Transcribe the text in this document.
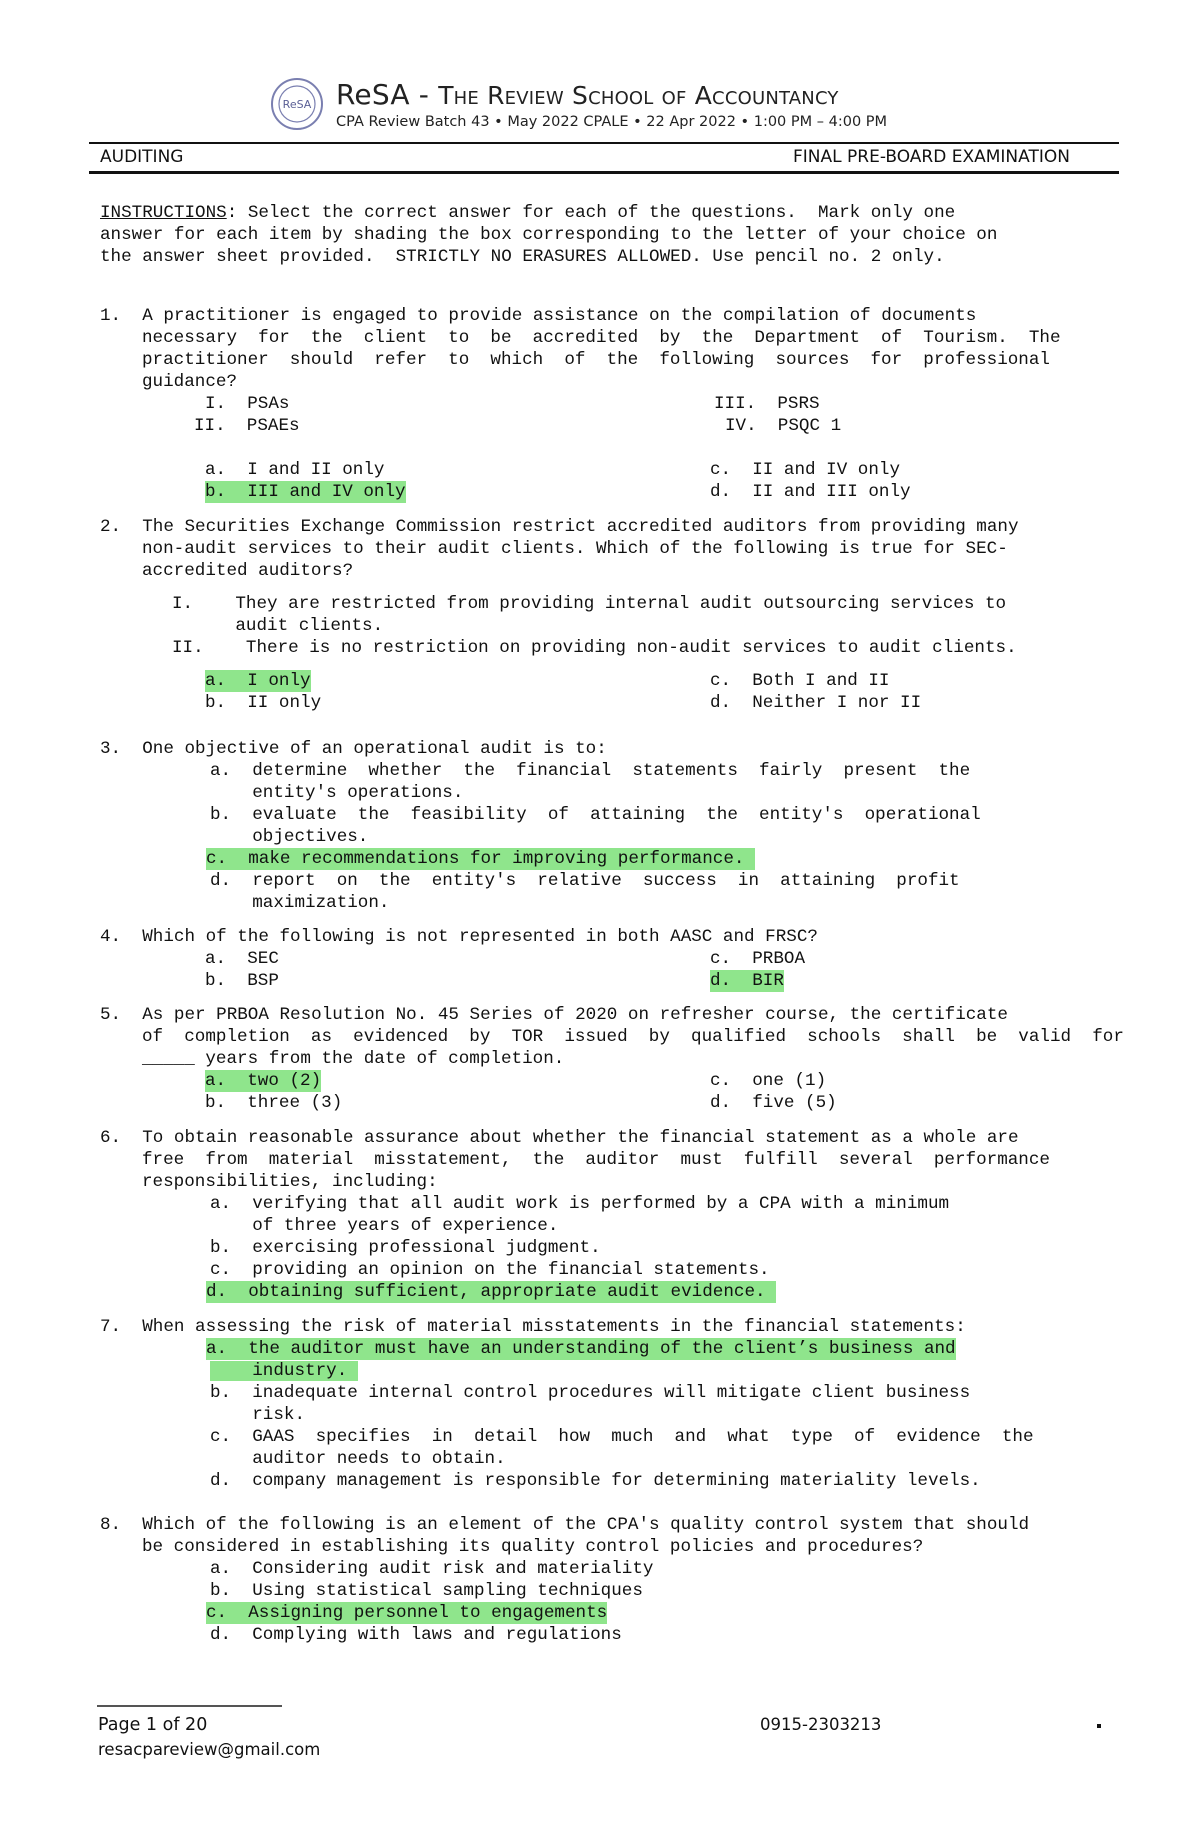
ReSA ReSA - The Review School of Accountancy
CPA Review Batch 43 • May 2022 CPALE • 22 Apr 2022 • 1:00 PM – 4:00 PM
AUDITING	FINAL PRE-BOARD EXAMINATION
INSTRUCTIONS: Select the correct answer for each of the questions.  Mark only one
answer for each item by shading the box corresponding to the letter of your choice on
the answer sheet provided.  STRICTLY NO ERASURES ALLOWED. Use pencil no. 2 only.
1.  A practitioner is engaged to provide assistance on the compilation of documents
necessary  for  the  client  to  be  accredited  by  the  Department  of  Tourism.  The
practitioner  should  refer  to  which  of  the  following  sources  for  professional
guidance?
I.  PSAs
II.  PSAEs
III.  PSRS
IV.  PSQC 1
a.  I and II only
b.  III and IV only
c.  II and IV only
d.  II and III only
2.  The Securities Exchange Commission restrict accredited auditors from providing many
non-audit services to their audit clients. Which of the following is true for SEC-
accredited auditors?
I.    They are restricted from providing internal audit outsourcing services to
audit clients.
II.    There is no restriction on providing non-audit services to audit clients.
a.  I only
b.  II only
c.  Both I and II
d.  Neither I nor II
3.  One objective of an operational audit is to:
a.  determine  whether  the  financial  statements  fairly  present  the
entity's operations.
b.  evaluate  the  feasibility  of  attaining  the  entity's  operational
objectives.
c.  make recommendations for improving performance.
d.  report  on  the  entity's  relative  success  in  attaining  profit
maximization.
4.  Which of the following is not represented in both AASC and FRSC?
a.  SEC
b.  BSP
c.  PRBOA
d.  BIR
5.  As per PRBOA Resolution No. 45 Series of 2020 on refresher course, the certificate
of  completion  as  evidenced  by  TOR  issued  by  qualified  schools  shall  be  valid  for
_____ years from the date of completion.
a.  two (2)
b.  three (3)
c.  one (1)
d.  five (5)
6.  To obtain reasonable assurance about whether the financial statement as a whole are
free  from  material  misstatement,  the  auditor  must  fulfill  several  performance
responsibilities, including:
a.  verifying that all audit work is performed by a CPA with a minimum
of three years of experience.
b.  exercising professional judgment.
c.  providing an opinion on the financial statements.
d.  obtaining sufficient, appropriate audit evidence.
7.  When assessing the risk of material misstatements in the financial statements:
a.  the auditor must have an understanding of the client’s business and
industry.
b.  inadequate internal control procedures will mitigate client business
risk.
c.  GAAS  specifies  in  detail  how  much  and  what  type  of  evidence  the
auditor needs to obtain.
d.  company management is responsible for determining materiality levels.
8.  Which of the following is an element of the CPA's quality control system that should
be considered in establishing its quality control policies and procedures?
a.  Considering audit risk and materiality
b.  Using statistical sampling techniques
c.  Assigning personnel to engagements
d.  Complying with laws and regulations
Page 1 of 20
resacpareview@gmail.com
0915-2303213
